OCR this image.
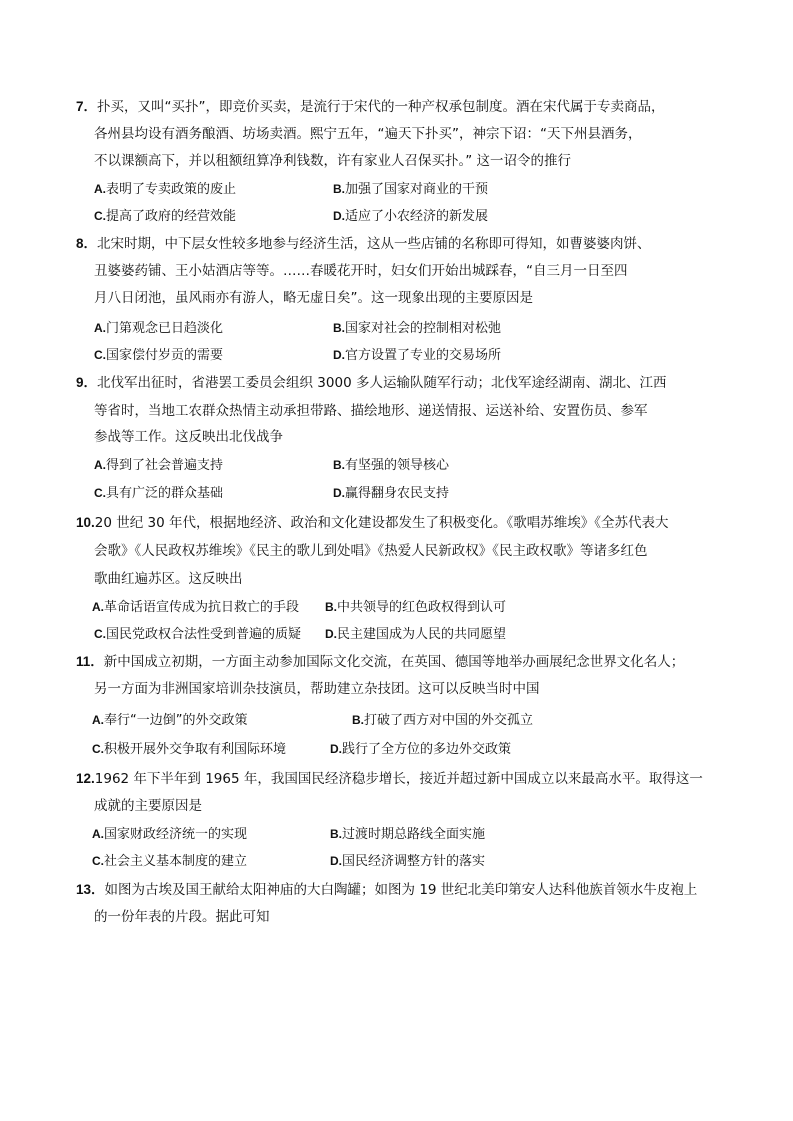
7．扑买，又叫“买扑”，即竞价买卖，是流行于宋代的一种产权承包制度。酒在宋代属于专卖商品，
各州县均设有酒务酿酒、坊场卖酒。熙宁五年，“遍天下扑买”，神宗下诏：“天下州县酒务，
不以课额高下，并以租额纽算净利钱数，许有家业人召保买扑。” 这一诏令的推行
A.表明了专卖政策的废止	B.加强了国家对商业的干预
C.提高了政府的经营效能	D.适应了小农经济的新发展
8．北宋时期，中下层女性较多地参与经济生活，这从一些店铺的名称即可得知，如曹婆婆肉饼、
丑婆婆药铺、王小姑酒店等等。……春暖花开时，妇女们开始出城踩春，“自三月一日至四
月八日闭池，虽风雨亦有游人，略无虚日矣”。这一现象出现的主要原因是
A.门第观念已日趋淡化	B.国家对社会的控制相对松弛
C.国家偿付岁贡的需要	D.官方设置了专业的交易场所
9．北伐军出征时，省港罢工委员会组织 3000 多人运输队随军行动；北伐军途经湖南、湖北、江西
等省时，当地工农群众热情主动承担带路、描绘地形、递送情报、运送补给、安置伤员、参军
参战等工作。这反映出北伐战争
A.得到了社会普遍支持	B.有坚强的领导核心
C.具有广泛的群众基础	D.赢得翻身农民支持
10.20 世纪 30 年代，根据地经济、政治和文化建设都发生了积极变化。《歌唱苏维埃》《全苏代表大
会歌》《人民政权苏维埃》《民主的歌儿到处唱》《热爱人民新政权》《民主政权歌》等诸多红色
歌曲红遍苏区。这反映出
A.革命话语宣传成为抗日救亡的手段 B.中共领导的红色政权得到认可
C.国民党政权合法性受到普遍的质疑 D.民主建国成为人民的共同愿望
11．新中国成立初期，一方面主动参加国际文化交流，在英国、德国等地举办画展纪念世界文化名人；
另一方面为非洲国家培训杂技演员，帮助建立杂技团。这可以反映当时中国
A.奉行“一边倒”的外交政策	B.打破了西方对中国的外交孤立
C.积极开展外交争取有利国际环境	D.践行了全方位的多边外交政策
12.1962 年下半年到 1965 年，我国国民经济稳步增长，接近并超过新中国成立以来最高水平。取得这一
成就的主要原因是
A.国家财政经济统一的实现	B.过渡时期总路线全面实施
C.社会主义基本制度的建立	D.国民经济调整方针的落实
13．如图为古埃及国王献给太阳神庙的大白陶罐；如图为 19 世纪北美印第安人达科他族首领水牛皮袍上
的一份年表的片段。据此可知
